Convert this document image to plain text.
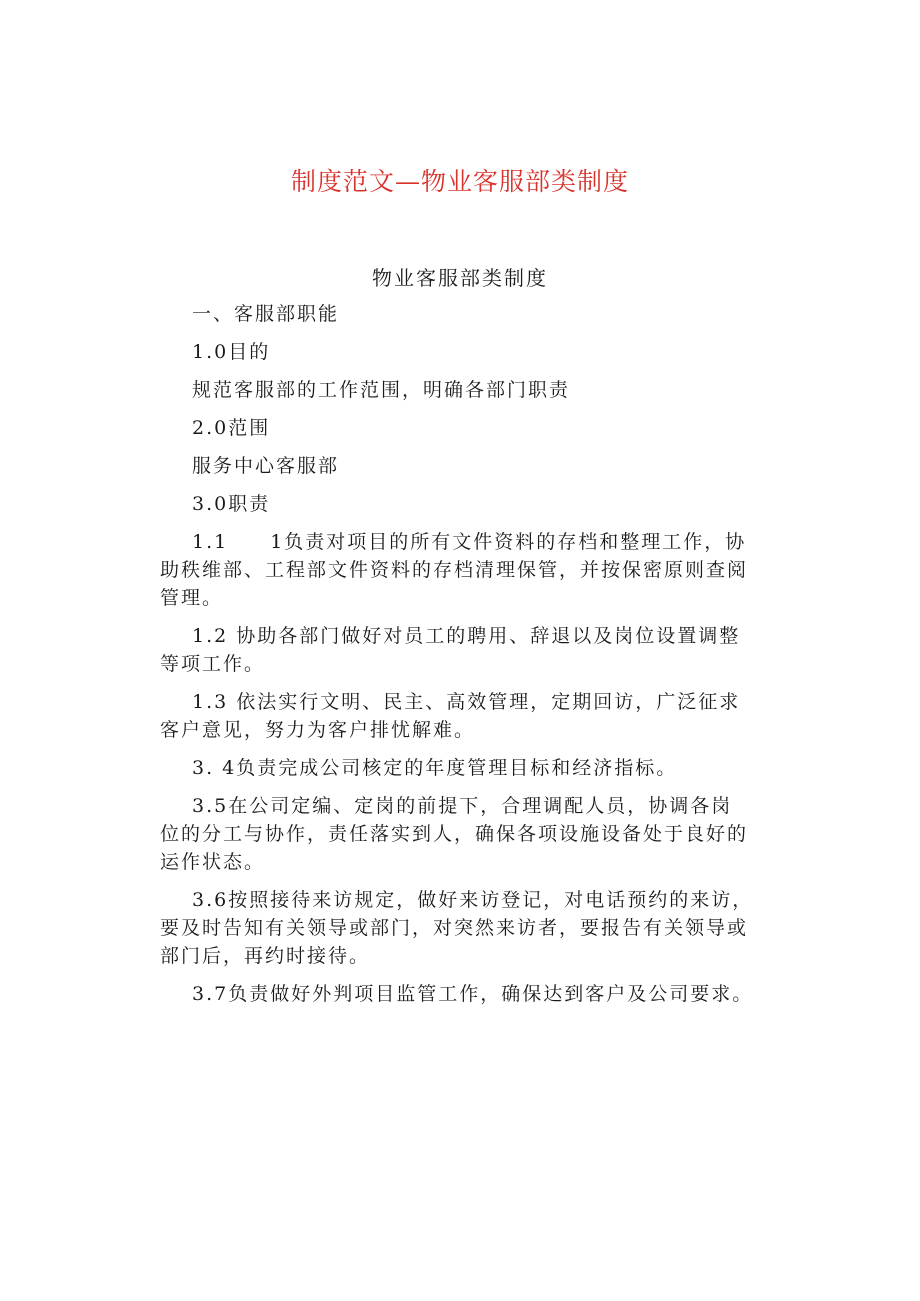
制度范文—物业客服部类制度
物业客服部类制度

一、客服部职能

1.0目的

规范客服部的工作范围，明确各部门职责

2.0范围

服务中心客服部

3.0职责

1.1　　1负责对项目的所有文件资料的存档和整理工作，协

助秩维部、工程部文件资料的存档清理保管，并按保密原则查阅

管理。

1.2 协助各部门做好对员工的聘用、辞退以及岗位设置调整

等项工作。

1.3 依法实行文明、民主、高效管理，定期回访，广泛征求

客户意见，努力为客户排忧解难。

3. 4负责完成公司核定的年度管理目标和经济指标。

3.5在公司定编、定岗的前提下，合理调配人员，协调各岗

位的分工与协作，责任落实到人，确保各项设施设备处于良好的

运作状态。

3.6按照接待来访规定，做好来访登记，对电话预约的来访，

要及时告知有关领导或部门，对突然来访者，要报告有关领导或

部门后，再约时接待。

3.7负责做好外判项目监管工作，确保达到客户及公司要求。
